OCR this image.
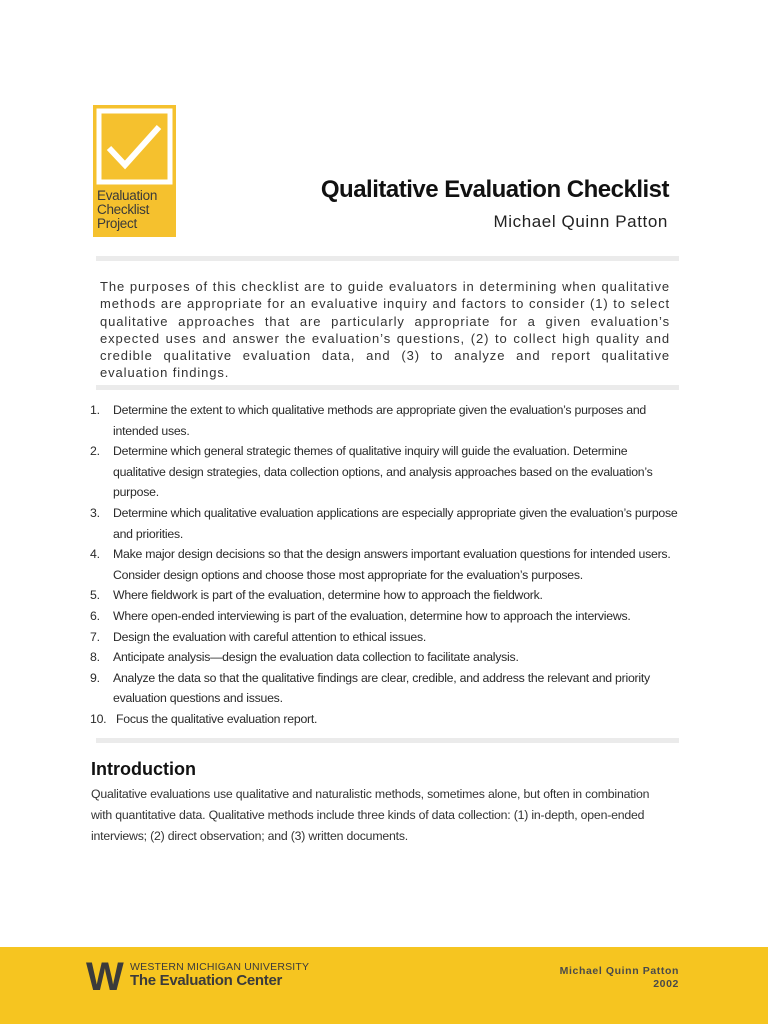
Evaluation
Checklist
Project
Qualitative Evaluation Checklist
Michael Quinn Patton

The purposes of this checklist are to guide evaluators in determining when qualitative methods are appropriate for an evaluative inquiry and factors to consider (1) to select qualitative approaches that are particularly appropriate for a given evaluation’s expected uses and answer the evaluation’s questions, (2) to collect high quality and credible qualitative evaluation data, and (3) to analyze and report qualitative evaluation findings.

1. Determine the extent to which qualitative methods are appropriate given the evaluation’s purposes and intended uses.
2. Determine which general strategic themes of qualitative inquiry will guide the evaluation. Determine qualitative design strategies, data collection options, and analysis approaches based on the evaluation’s purpose.
3. Determine which qualitative evaluation applications are especially appropriate given the evaluation’s purpose and priorities.
4. Make major design decisions so that the design answers important evaluation questions for intended users. Consider design options and choose those most appropriate for the evaluation’s purposes.
5. Where fieldwork is part of the evaluation, determine how to approach the fieldwork.
6. Where open-ended interviewing is part of the evaluation, determine how to approach the interviews.
7. Design the evaluation with careful attention to ethical issues.
8. Anticipate analysis—design the evaluation data collection to facilitate analysis.
9. Analyze the data so that the qualitative findings are clear, credible, and address the relevant and priority evaluation questions and issues.
10. Focus the qualitative evaluation report.
Introduction

Qualitative evaluations use qualitative and naturalistic methods, sometimes alone, but often in combination with quantitative data. Qualitative methods include three kinds of data collection: (1) in-depth, open-ended interviews; (2) direct observation; and (3) written documents.

W WESTERN MICHIGAN UNIVERSITY
The Evaluation Center
Michael Quinn Patton
2002
